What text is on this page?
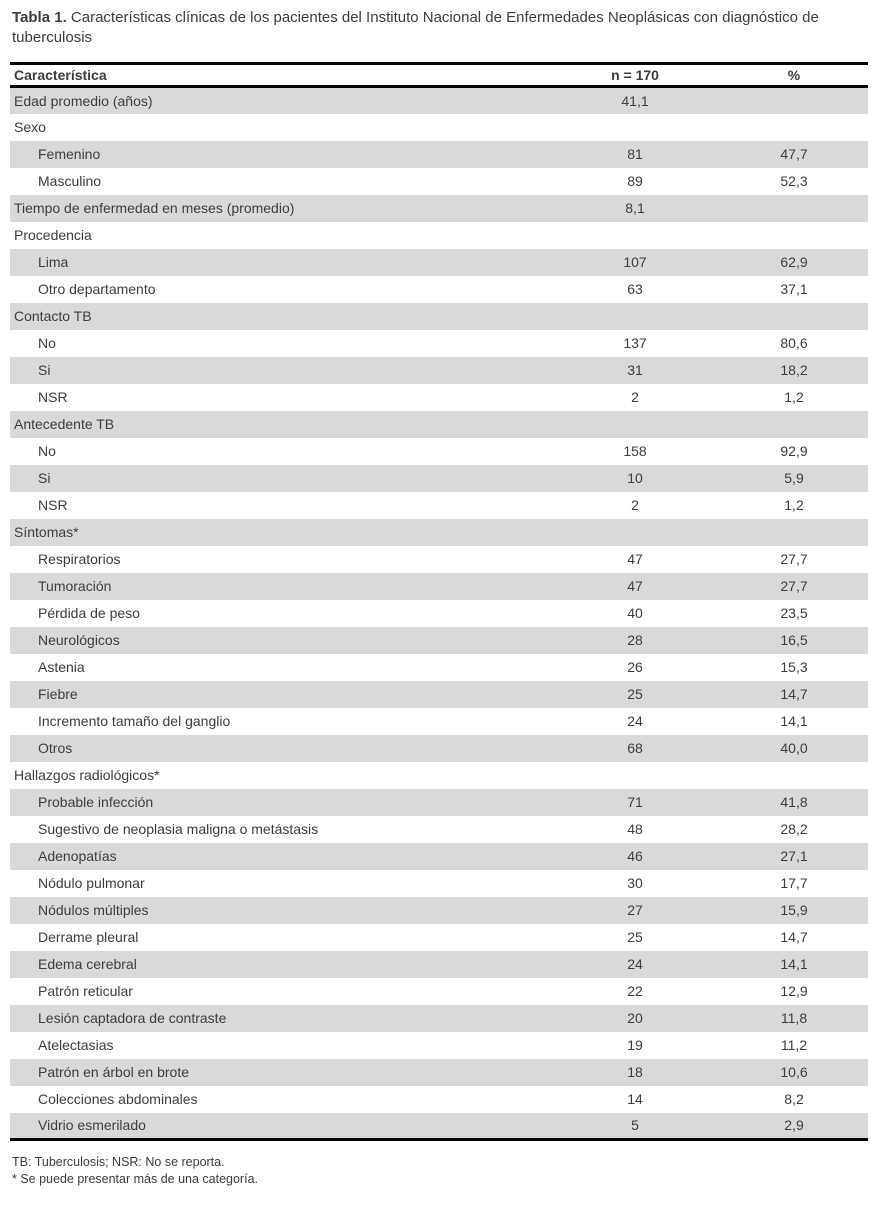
Tabla 1. Características clínicas de los pacientes del Instituto Nacional de Enfermedades Neoplásicas con diagnóstico de tuberculosis

Característica	n = 170	%
Edad promedio (años)	41,1	
Sexo		
Femenino	81	47,7
Masculino	89	52,3
Tiempo de enfermedad en meses (promedio)	8,1	
Procedencia		
Lima	107	62,9
Otro departamento	63	37,1
Contacto TB		
No	137	80,6
Si	31	18,2
NSR	2	1,2
Antecedente TB		
No	158	92,9
Si	10	5,9
NSR	2	1,2
Síntomas*		
Respiratorios	47	27,7
Tumoración	47	27,7
Pérdida de peso	40	23,5
Neurológicos	28	16,5
Astenia	26	15,3
Fiebre	25	14,7
Incremento tamaño del ganglio	24	14,1
Otros	68	40,0
Hallazgos radiológicos*		
Probable infección	71	41,8
Sugestivo de neoplasia maligna o metástasis	48	28,2
Adenopatías	46	27,1
Nódulo pulmonar	30	17,7
Nódulos múltiples	27	15,9
Derrame pleural	25	14,7
Edema cerebral	24	14,1
Patrón reticular	22	12,9
Lesión captadora de contraste	20	11,8
Atelectasias	19	11,2
Patrón en árbol en brote	18	10,6
Colecciones abdominales	14	8,2
Vidrio esmerilado	5	2,9

TB: Tuberculosis; NSR: No se reporta.

* Se puede presentar más de una categoría.
